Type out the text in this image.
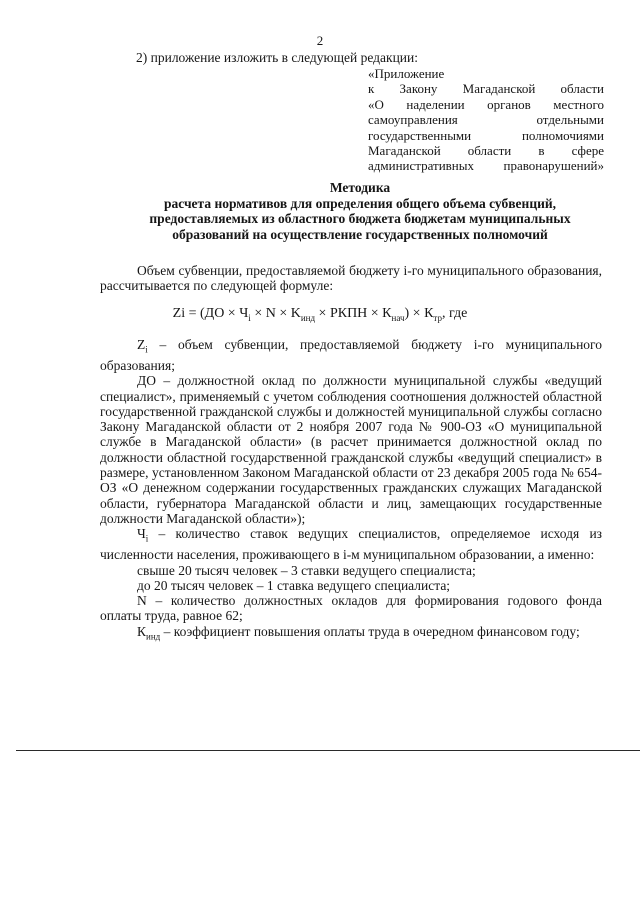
2
2) приложение изложить в следующей редакции:
«Приложение
к Закону Магаданской области
«О наделении органов местного
самоуправления отдельными
государственными полномочиями
Магаданской области в сфере
административных правонарушений»
Методика
расчета нормативов для определения общего объема субвенций,
предоставляемых из областного бюджета бюджетам муниципальных
образований на осуществление государственных полномочий

Объем субвенции, предоставляемой бюджету i-го муниципального образования, рассчитывается по следующей формуле:

$Zi = (ДО \times Ч_i \times N \times K_{инд}$ × РКПН × $К_{нач}) \times К_{тр}$, где

$Z_i$ – объем субвенции, предоставляемой бюджету i-го муниципального образования;

ДО – должностной оклад по должности муниципальной службы «ведущий специалист», применяемый с учетом соблюдения соотношения должностей областной государственной гражданской службы и должностей муниципальной службы согласно Закону Магаданской области от 2 ноября 2007 года № 900-ОЗ «О муниципальной службе в Магаданской области» (в расчет принимается должностной оклад по должности областной государственной гражданской службы «ведущий специалист» в размере, установленном Законом Магаданской области от 23 декабря 2005 года № 654-ОЗ «О денежном содержании государственных гражданских служащих Магаданской области, губернатора Магаданской области и лиц, замещающих государственные должности Магаданской области»);

$Ч_i$ – количество ставок ведущих специалистов, определяемое исходя из численности населения, проживающего в i-м муниципальном образовании, а именно:

свыше 20 тысяч человек – 3 ставки ведущего специалиста;

до 20 тысяч человек – 1 ставка ведущего специалиста;

N – количество должностных окладов для формирования годового фонда оплаты труда, равное 62;

$К_{инд}$ – коэффициент повышения оплаты труда в очередном финансовом году;
